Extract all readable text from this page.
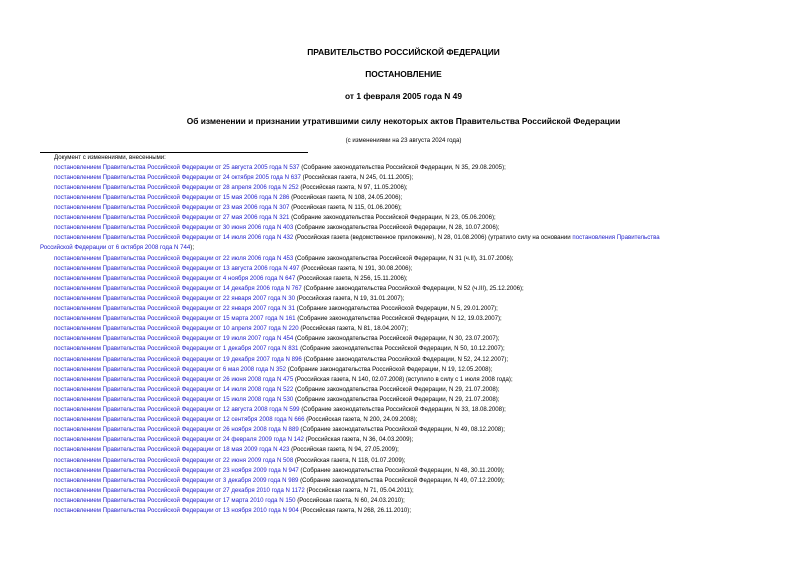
ПРАВИТЕЛЬСТВО РОССИЙСКОЙ ФЕДЕРАЦИИ
ПОСТАНОВЛЕНИЕ
от 1 февраля 2005 года N 49
Об изменении и признании утратившими силу некоторых актов Правительства Российской Федерации
(с изменениями на 23 августа 2024 года)
Документ с изменениями, внесенными:
постановлением Правительства Российской Федерации от 25 августа 2005 года N 537 (Собрание законодательства Российской Федерации, N 35, 29.08.2005);
постановлением Правительства Российской Федерации от 24 октября 2005 года N 637 (Российская газета, N 245, 01.11.2005);
постановлением Правительства Российской Федерации от 28 апреля 2006 года N 252 (Российская газета, N 97, 11.05.2006);
постановлением Правительства Российской Федерации от 15 мая 2006 года N 286 (Российская газета, N 108, 24.05.2006);
постановлением Правительства Российской Федерации от 23 мая 2006 года N 307 (Российская газета, N 115, 01.06.2006);
постановлением Правительства Российской Федерации от 27 мая 2006 года N 321 (Собрание законодательства Российской Федерации, N 23, 05.06.2006);
постановлением Правительства Российской Федерации от 30 июня 2006 года N 403 (Собрание законодательства Российской Федерации, N 28, 10.07.2006);
постановлением Правительства Российской Федерации от 14 июля 2006 года N 432 (Российская газета (ведомственное приложение), N 28, 01.08.2006) (утратило силу на основании постановления Правительства
Российской Федерации от 6 октября 2008 года N 744);
постановлением Правительства Российской Федерации от 22 июля 2006 года N 453 (Собрание законодательства Российской Федерации, N 31 (ч.II), 31.07.2006);
постановлением Правительства Российской Федерации от 13 августа 2006 года N 497 (Российская газета, N 191, 30.08.2006);
постановлением Правительства Российской Федерации от 4 ноября 2006 года N 647 (Российская газета, N 256, 15.11.2006);
постановлением Правительства Российской Федерации от 14 декабря 2006 года N 767 (Собрание законодательства Российской Федерации, N 52 (ч.III), 25.12.2006);
постановлением Правительства Российской Федерации от 22 января 2007 года N 30 (Российская газета, N 19, 31.01.2007);
постановлением Правительства Российской Федерации от 22 января 2007 года N 31 (Собрание законодательства Российской Федерации, N 5, 29.01.2007);
постановлением Правительства Российской Федерации от 15 марта 2007 года N 161 (Собрание законодательства Российской Федерации, N 12, 19.03.2007);
постановлением Правительства Российской Федерации от 10 апреля 2007 года N 220 (Российская газета, N 81, 18.04.2007);
постановлением Правительства Российской Федерации от 19 июля 2007 года N 454 (Собрание законодательства Российской Федерации, N 30, 23.07.2007);
постановлением Правительства Российской Федерации от 1 декабря 2007 года N 831 (Собрание законодательства Российской Федерации, N 50, 10.12.2007);
постановлением Правительства Российской Федерации от 19 декабря 2007 года N 896 (Собрание законодательства Российской Федерации, N 52, 24.12.2007);
постановлением Правительства Российской Федерации от 6 мая 2008 года N 352 (Собрание законодательства Российской Федерации, N 19, 12.05.2008);
постановлением Правительства Российской Федерации от 26 июня 2008 года N 475 (Российская газета, N 140, 02.07.2008) (вступило в силу с 1 июля 2008 года);
постановлением Правительства Российской Федерации от 14 июля 2008 года N 522 (Собрание законодательства Российской Федерации, N 29, 21.07.2008);
постановлением Правительства Российской Федерации от 15 июля 2008 года N 530 (Собрание законодательства Российской Федерации, N 29, 21.07.2008);
постановлением Правительства Российской Федерации от 12 августа 2008 года N 599 (Собрание законодательства Российской Федерации, N 33, 18.08.2008);
постановлением Правительства Российской Федерации от 12 сентября 2008 года N 666 (Российская газета, N 200, 24.09.2008);
постановлением Правительства Российской Федерации от 26 ноября 2008 года N 889 (Собрание законодательства Российской Федерации, N 49, 08.12.2008);
постановлением Правительства Российской Федерации от 24 февраля 2009 года N 142 (Российская газета, N 36, 04.03.2009);
постановлением Правительства Российской Федерации от 18 мая 2009 года N 423 (Российская газета, N 94, 27.05.2009);
постановлением Правительства Российской Федерации от 22 июня 2009 года N 508 (Российская газета, N 118, 01.07.2009);
постановлением Правительства Российской Федерации от 23 ноября 2009 года N 947 (Собрание законодательства Российской Федерации, N 48, 30.11.2009);
постановлением Правительства Российской Федерации от 3 декабря 2009 года N 989 (Собрание законодательства Российской Федерации, N 49, 07.12.2009);
постановлением Правительства Российской Федерации от 27 декабря 2010 года N 1172 (Российская газета, N 71, 05.04.2011);
постановлением Правительства Российской Федерации от 17 марта 2010 года N 150 (Российская газета, N 60, 24.03.2010);
постановлением Правительства Российской Федерации от 13 ноября 2010 года N 904 (Российская газета, N 268, 26.11.2010);
